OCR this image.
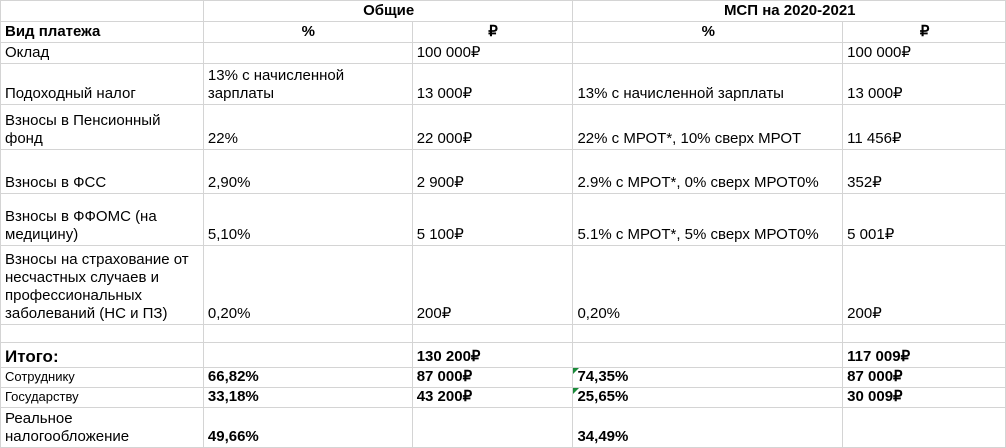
	Общие		МСП на 2020-2021	
Вид платежа	%	₽	%	₽
Оклад		100 000₽		100 000₽
Подоходный налог	13% с начисленной зарплаты	13 000₽	13% с начисленной зарплаты	13 000₽
Взносы в Пенсионный фонд	22%	22 000₽	22% с МРОТ*, 10% сверх МРОТ	11 456₽
Взносы в ФСС	2,90%	2 900₽	2.9% с МРОТ*, 0% сверх МРОТ0%	352₽
Взносы в ФФОМС (на медицину)	5,10%	5 100₽	5.1% с МРОТ*, 5% сверх МРОТ0%	5 001₽
Взносы на страхование от несчастных случаев и профессиональных заболеваний (НС и ПЗ)	0,20%	200₽	0,20%	200₽

Итого:		130 200₽		117 009₽
Сотруднику	66,82%	87 000₽	74,35%	87 000₽
Государству	33,18%	43 200₽	25,65%	30 009₽
Реальное налогообложение	49,66%		34,49%	
